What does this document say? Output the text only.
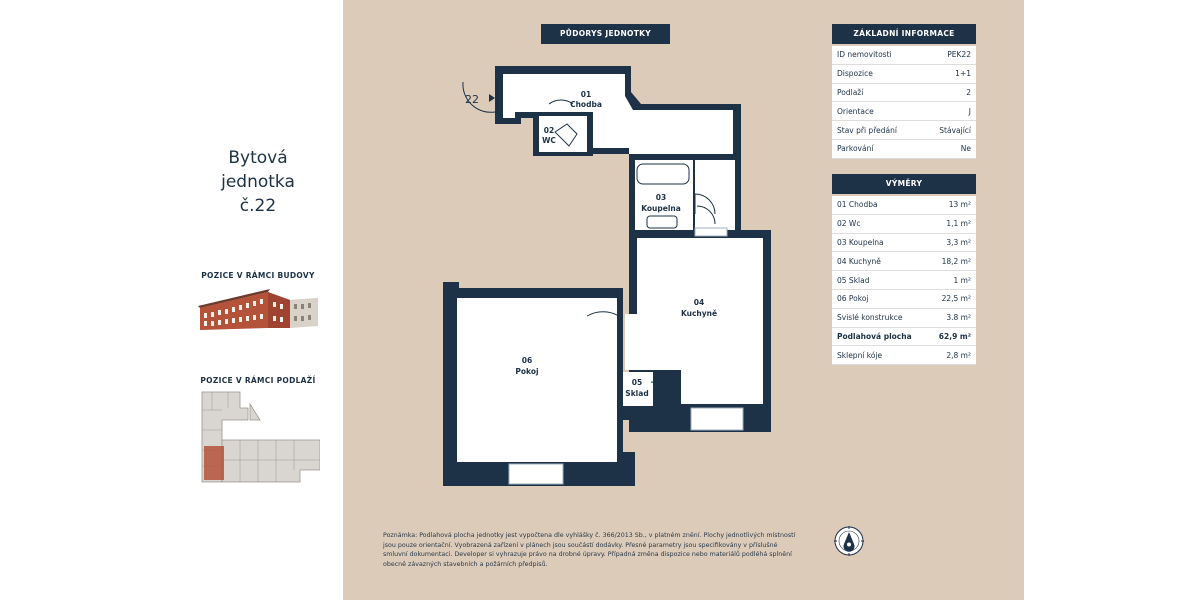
Bytová
jednotka
č.22
POZICE V RÁMCI BUDOVY
POZICE V RÁMCI PODLAŽÍ
PŮDORYS JEDNOTKY
22	01
Chodba
02
WC
03
Koupelna
04
Kuchyně
05
Sklad
06
Pokoj
ZÁKLADNÍ INFORMACE
ID nemovitosti	PEK22
Dispozice	1+1
Podlaží	2
Orientace	J
Stav při předání	Stávající
Parkování	Ne
VÝMĚRY
01 Chodba	13 m²
02 Wc	1,1 m²
03 Koupelna	3,3 m²
04 Kuchyně	18,2 m²
05 Sklad	1 m²
06 Pokoj	22,5 m²
Svislé konstrukce	3.8 m²
Podlahová plocha	62,9 m²
Sklepní kóje	2,8 m²
Poznámka: Podlahová plocha jednotky jest vypočtena dle vyhlášky č. 366/2013 Sb., v platném znění. Plochy jednotlivých místností jsou pouze orientační. Vyobrazená zařízení v plánech jsou součástí dodávky. Přesné parametry jsou specifikovány v příslušné smluvní dokumentaci. Developer si vyhrazuje právo na drobné úpravy. Případná změna dispozice nebo materiálů podléhá splnění obecně závazných stavebních a požárních předpisů.
